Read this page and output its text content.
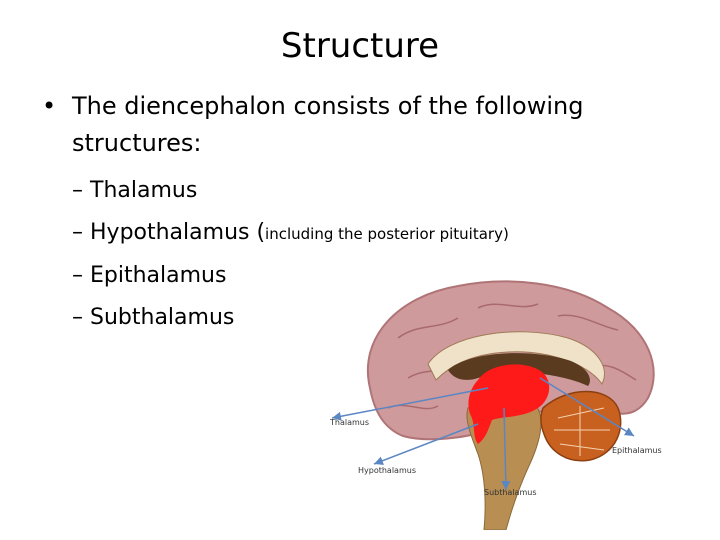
Structure
• The diencephalon consists of the following structures:
– Thalamus
– Hypothalamus (including the posterior pituitary)
– Epithalamus
– Subthalamus
Thalamus
Hypothalamus
Subthalamus
Epithalamus
